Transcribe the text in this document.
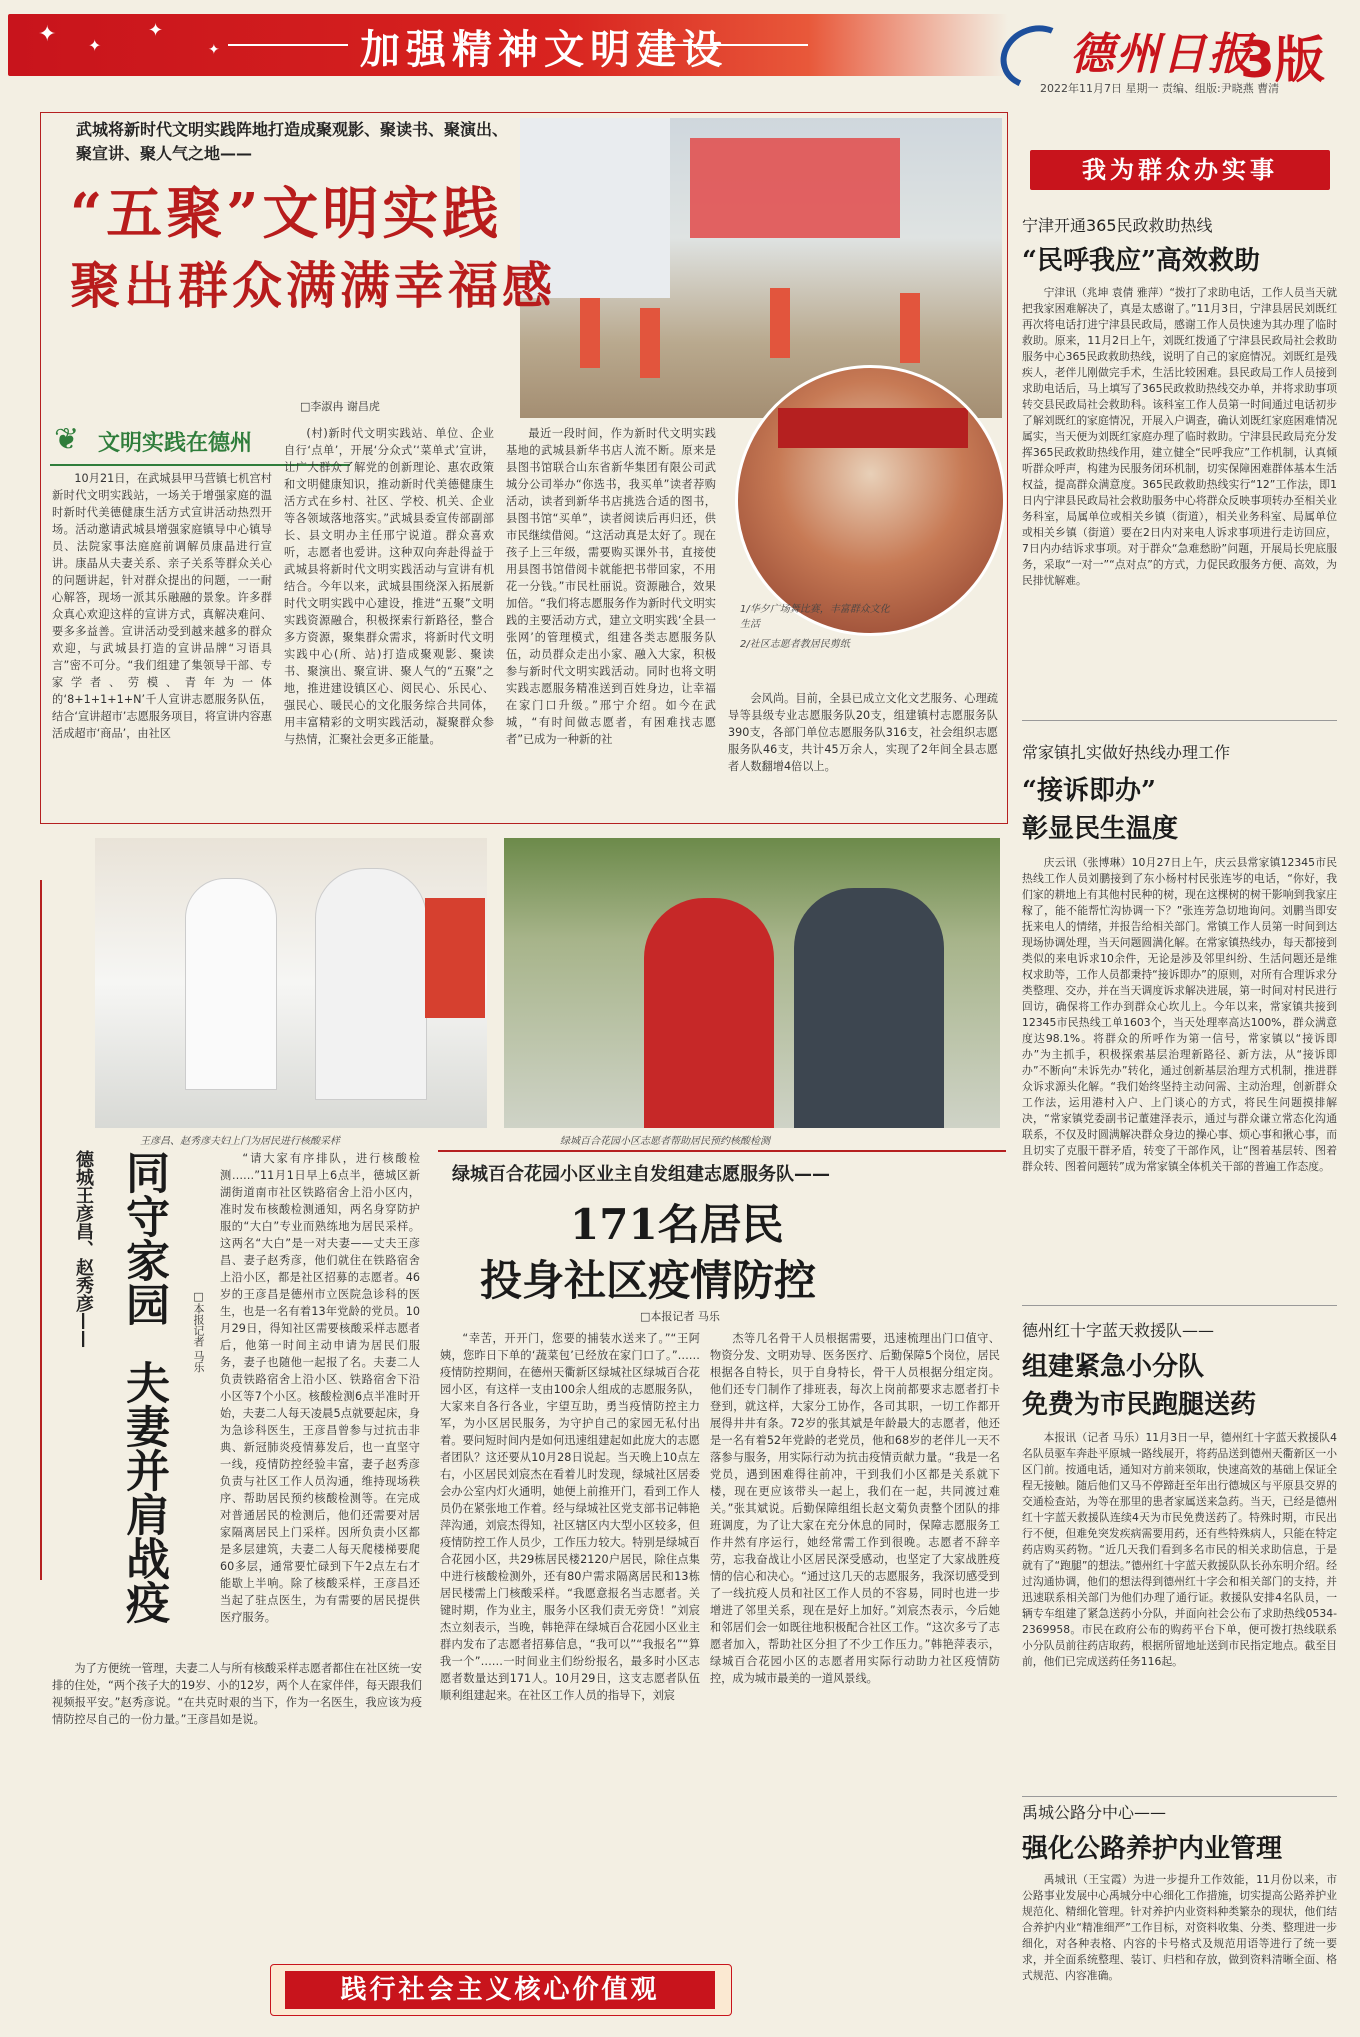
✦ ✦
✦
✦	加强精神文明建设	德州日报
3版
2022年11月7日 星期一 责编、组版:尹晓燕 曹清
武城将新时代文明实践阵地打造成聚观影、聚读书、聚演出、聚宣讲、聚人气之地——
“五聚”文明实践
聚出群众满满幸福感
□李淑冉 谢昌虎
❦ 文明实践在德州

10月21日，在武城县甲马营镇七机宫村新时代文明实践站，一场关于增强家庭的温时新时代美德健康生活方式宣讲活动热烈开场。活动邀请武城县增强家庭镇导中心镇导员、法院家事法庭庭前调解员康晶进行宣讲。康晶从夫妻关系、亲子关系等群众关心的问题讲起，针对群众提出的问题，一一耐心解答，现场一派其乐融融的景象。许多群众真心欢迎这样的宣讲方式，真解决难问、要多多益善。宣讲活动受到越来越多的群众欢迎，与武城县打造的宣讲品牌“习语具言”密不可分。“我们组建了集领导干部、专家学者、劳模、青年为一体的‘8+1+1+1+N’千人宣讲志愿服务队伍，结合‘宣讲超市’志愿服务项目，将宣讲内容惠活成超市‘商品’，由社区

(村)新时代文明实践站、单位、企业自行‘点单’，开展‘分众式’‘菜单式’宣讲，让广大群众了解党的创新理论、惠农政策和文明健康知识，推动新时代美德健康生活方式在乡村、社区、学校、机关、企业等各领域落地落实。”武城县委宣传部副部长、县文明办主任邢宁说道。群众喜欢听，志愿者也爱讲。这种双向奔赴得益于武城县将新时代文明实践活动与宣讲有机结合。今年以来，武城县围绕深入拓展新时代文明实践中心建设，推进“五聚”文明实践资源融合，积极探索行新路径，整合多方资源，聚集群众需求，将新时代文明实践中心(所、站)打造成聚观影、聚读书、聚演出、聚宣讲、聚人气的“五聚”之地，推进建设镇区心、阅民心、乐民心、强民心、暖民心的文化服务综合共同体，用丰富精彩的文明实践活动，凝聚群众参与热情，汇聚社会更多正能量。

最近一段时间，作为新时代文明实践基地的武城县新华书店人流不断。原来是县图书馆联合山东省新华集团有限公司武城分公司举办“你选书，我买单”读者荐购活动，读者到新华书店挑选合适的图书，县图书馆“买单”，读者阅读后再归还，供市民继续借阅。“这活动真是太好了。现在孩子上三年级，需要购买课外书，直接使用县图书馆借阅卡就能把书带回家，不用花一分钱。”市民杜丽说。资源融合，效果加倍。“我们将志愿服务作为新时代文明实践的主要活动方式，建立文明实践‘全县一张网’的管理模式，组建各类志愿服务队伍，动员群众走出小家、融入大家，积极参与新时代文明实践活动。同时也将文明实践志愿服务精准送到百姓身边，让幸福在家门口升级。”邢宁介绍。如今在武城，“有时间做志愿者，有困难找志愿者”已成为一种新的社

1/华夕广场舞比赛，丰富群众文化生活
2/社区志愿者教居民剪纸

会风尚。目前，全县已成立文化文艺服务、心理疏导等县级专业志愿服务队20支，组建镇村志愿服务队390支，各部门单位志愿服务队316支，社会组织志愿服务队46支，共计45万余人，实现了2年间全县志愿者人数翻增4倍以上。

王彦昌、赵秀彦夫妇上门为居民进行核酸采样	绿城百合花园小区志愿者帮助居民预约核酸检测
德城王彦昌、赵秀彦—— 同守家园
夫妻并肩战疫
□本报记者 马乐

“请大家有序排队，进行核酸检测……”11月1日早上6点半，德城区新湖街道南市社区铁路宿舍上沿小区内，准时发布核酸检测通知，两名身穿防护服的“大白”专业而熟练地为居民采样。这两名“大白”是一对夫妻——丈夫王彦昌、妻子赵秀彦，他们就住在铁路宿舍上沿小区，都是社区招募的志愿者。46岁的王彦昌是德州市立医院急诊科的医生，也是一名有着13年党龄的党员。10月29日，得知社区需要核酸采样志愿者后，他第一时间主动申请为居民们服务，妻子也随他一起报了名。夫妻二人负责铁路宿舍上沿小区、铁路宿舍下沿小区等7个小区。核酸检测6点半准时开始，夫妻二人每天凌晨5点就要起床，身为急诊科医生，王彦昌曾参与过抗击非典、新冠肺炎疫情募发后，也一直坚守一线，疫情防控经验丰富，妻子赵秀彦负责与社区工作人员沟通，维持现场秩序、帮助居民预约核酸检测等。在完成对普通居民的检测后，他们还需要对居家隔离居民上门采样。因所负责小区都是多层建筑，夫妻二人每天爬楼梯要爬60多层，通常要忙碌到下午2点左右才能歇上半响。除了核酸采样，王彦昌还当起了驻点医生，为有需要的居民提供医疗服务。

为了方便统一管理，夫妻二人与所有核酸采样志愿者都住在社区统一安排的住处，“两个孩子大的19岁、小的12岁，两个人在家伴伴，每天跟我们视频报平安。”赵秀彦说。“在共克时艰的当下，作为一名医生，我应该为疫情防控尽自己的一份力量。”王彦昌如是说。

绿城百合花园小区业主自发组建志愿服务队——
171名居民
投身社区疫情防控
□本报记者 马乐

“幸苦，开开门，您要的捕装水送来了。”“王阿姨，您昨日下单的‘蔬菜包’已经放在家门口了。”……疫情防控期间，在德州天衢新区绿城社区绿城百合花园小区，有这样一支由100余人组成的志愿服务队，大家来自各行各业，宇望互助，勇当疫情防控主力军，为小区居民服务，为守护自己的家园无私付出着。要问短时间内是如何迅速组建起如此庞大的志愿者团队？这还要从10月28日说起。当天晚上10点左右，小区居民刘宸杰在看着儿时发现，绿城社区居委会办公室内灯火通明，她便上前推开门，看到工作人员仍在紧张地工作着。经与绿城社区党支部书记韩艳萍沟通，刘宸杰得知，社区辖区内大型小区较多，但疫情防控工作人员少，工作压力较大。特别是绿城百合花园小区，共29栋居民楼2120户居民，除住点集中进行核酸检测外，还有80户需求隔离居民和13栋居民楼需上门核酸采样。“我愿意报名当志愿者。关键时期，作为业主，服务小区我们责无旁贷！”刘宸杰立刻表示，当晚，韩艳萍在绿城百合花园小区业主群内发布了志愿者招募信息，“我可以”“我报名”“算我一个”……一时间业主们纷纷报名，最多时小区志愿者数量达到171人。10月29日，这支志愿者队伍顺利组建起来。在社区工作人员的指导下，刘宸

杰等几名骨干人员根据需要，迅速梳理出门口值守、物资分发、文明劝导、医务医疗、后勤保障5个岗位，居民根据各自特长，贝于自身特长，骨干人员根据分组定岗。他们还专门制作了排班表，每次上岗前都要求志愿者打卡登到，就这样，大家分工协作，各司其职，一切工作都开展得井井有条。72岁的张其斌是年龄最大的志愿者，他还是一名有着52年党龄的老党员，他和68岁的老伴儿一天不落参与服务，用实际行动为抗击疫情贡献力量。“我是一名党员，遇到困难得往前冲，干到我们小区都是关系就下楼，现在更应该带头一起上，我们在一起，共同渡过难关。”张其斌说。后勤保障组组长赵文菊负责整个团队的排班调度，为了让大家在充分休息的同时，保障志愿服务工作井然有序运行，她经常需工作到很晚。志愿者不辞辛劳，忘我奋战让小区居民深受感动，也坚定了大家战胜疫情的信心和决心。“通过这几天的志愿服务，我深切感受到了一线抗疫人员和社区工作人员的不容易，同时也进一步增进了邻里关系，现在是好上加好。”刘宸杰表示，今后她和邻居们会一如既往地积极配合社区工作。“这次多亏了志愿者加入，帮助社区分担了不少工作压力。”韩艳萍表示，绿城百合花园小区的志愿者用实际行动助力社区疫情防控，成为城市最美的一道风景线。

践行社会主义核心价值观
我为群众办实事
宁津开通365民政救助热线
“民呼我应”高效救助

宁津讯（兆坤 袁倩 雅萍）“拨打了求助电话，工作人员当天就把我家困难解决了，真是太感谢了。”11月3日，宁津县居民刘既红再次将电话打进宁津县民政局，感谢工作人员快速为其办理了临时救助。原来，11月2日上午，刘既红拨通了宁津县民政局社会救助服务中心365民政救助热线，说明了自己的家庭情况。刘既红是残疾人，老伴儿刚做完手术，生活比较困难。县民政局工作人员接到求助电话后，马上填写了365民政救助热线交办单，并将求助事项转交县民政局社会救助科。该科室工作人员第一时间通过电话初步了解刘既红的家庭情况，开展入户调查，确认刘既红家庭困难情况属实，当天便为刘既红家庭办理了临时救助。宁津县民政局充分发挥365民政救助热线作用，建立健全“民呼我应”工作机制，认真倾听群众呼声，构建为民服务闭环机制，切实保障困难群体基本生活权益，提高群众满意度。365民政救助热线实行“12”工作法，即1日内宁津县民政局社会救助服务中心将群众反映事项转办至相关业务科室，局属单位或相关乡镇（街道），相关业务科室、局属单位或相关乡镇（街道）要在2日内对来电人诉求事项进行走访回应，7日内办结诉求事项。对于群众“急难愁盼”问题，开展局长兜底服务，采取“一对一”“点对点”的方式，力促民政服务方便、高效，为民排忧解难。

常家镇扎实做好热线办理工作
“接诉即办”
彰显民生温度

庆云讯（张博琳）10月27日上午，庆云县常家镇12345市民热线工作人员刘鹏接到了东小杨村村民张连岑的电话，“你好，我们家的耕地上有其他村民种的树，现在这棵树的树干影响到我家庄稼了，能不能帮忙沟协调一下？”张连芳急切地询问。刘鹏当即安抚来电人的情绪，并报告给相关部门。常镇工作人员第一时间到达现场协调处理，当天问题圆满化解。在常家镇热线办，每天都接到类似的来电诉求10余件，无论是涉及邻里纠纷、生活问题还是维权求助等，工作人员都秉持“接诉即办”的原则，对所有合理诉求分类整理、交办，并在当天调度诉求解决进展，第一时间对村民进行回访，确保将工作办到群众心坎儿上。今年以来，常家镇共接到12345市民热线工单1603个，当天处理率高达100%，群众满意度达98.1%。将群众的所呼作为第一信号，常家镇以“接诉即办”为主抓手，积极探索基层治理新路径、新方法，从“接诉即办”不断向“未诉先办”转化，通过创新基层治理方式机制，推进群众诉求源头化解。“我们始终坚持主动问需、主动治理，创新群众工作法，运用港村入户、上门谈心的方式，将民生问题摸排解决，“常家镇党委副书记董建泽表示，通过与群众谦立常态化沟通联系，不仅及时圆满解决群众身边的操心事、烦心事和揪心事，而且切实了克服干群矛盾，转变了干部作风，让“图着基层转、图着群众转、图着问题转”成为常家镇全体机关干部的普遍工作态度。

德州红十字蓝天救援队——
组建紧急小分队
免费为市民跑腿送药

本报讯（记者 马乐）11月3日一早，德州红十字蓝天救援队4名队员驱车奔赴平原城一路线展开，将药品送到德州天衢新区一小区门前。按通电话，通知对方前来领取，快速高效的基础上保证全程无接触。随后他们又马不停蹄赶至年出行德城区与平原县交界的交通检查站，为等在那里的患者家属送来急药。当天，已经是德州红十字蓝天救援队连续4天为市民免费送药了。特殊时期，市民出行不便，但难免突发疾病需要用药，还有些特殊病人，只能在特定药店购买药物。“近几天我们看到多名市民的相关求助信息，于是就有了“跑腿”的想法。”德州红十字蓝天救援队队长孙东明介绍。经过沟通协调，他们的想法得到德州红十字会和相关部门的支持，并迅速联系相关部门为他们办理了通行证。救援队安排4名队员，一辆专车组建了紧急送药小分队，并面向社会公布了求助热线0534-2369958。市民在政府公布的购药平台下单，便可拨打热线联系小分队员前往药店取药，根据所留地址送到市民指定地点。截至目前，他们已完成送药任务116起。

禹城公路分中心——
强化公路养护内业管理

禹城讯（王宝霞）为进一步提升工作效能，11月份以来，市公路事业发展中心禹城分中心细化工作措施，切实提高公路养护业规范化、精细化管理。针对养护内业资料种类繁杂的现状，他们结合养护内业“精准细严”工作目标，对资料收集、分类、整理进一步细化，对各种表格、内容的卡号格式及规范用语等进行了统一要求，并全面系统整理、装订、归档和存放，做到资料清晰全面、格式规范、内容准确。
